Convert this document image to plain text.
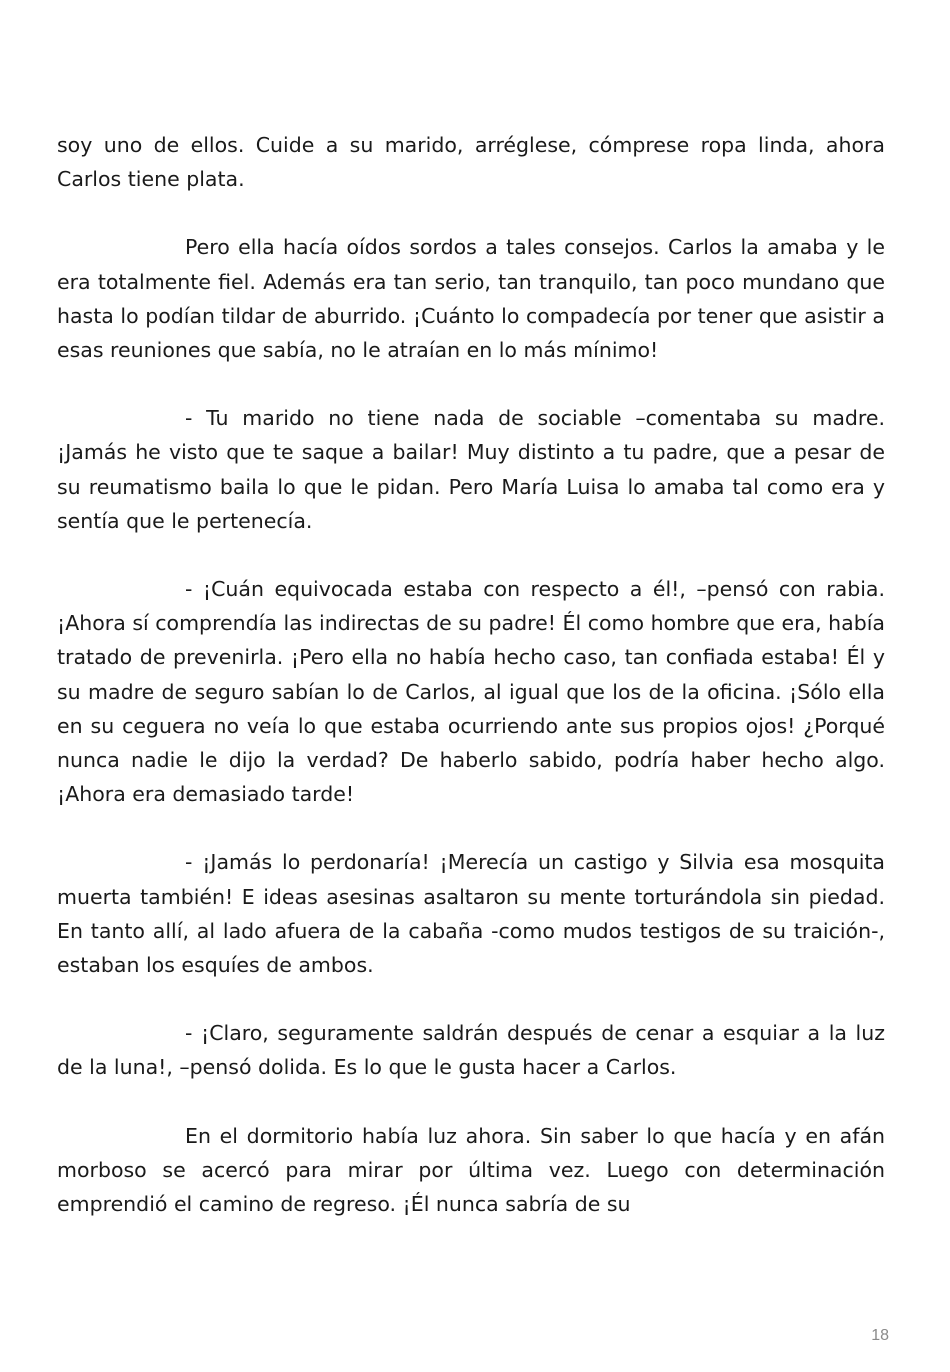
soy uno de ellos. Cuide a su marido, arréglese, cómprese ropa linda, ahora Carlos tiene plata.

Pero ella hacía oídos sordos a tales consejos. Carlos la amaba y le era totalmente fiel. Además era tan serio, tan tranquilo, tan poco mundano que hasta lo podían tildar de aburrido. ¡Cuánto lo compadecía por tener que asistir a esas reuniones que sabía, no le atraían en lo más mínimo!

- Tu marido no tiene nada de sociable –comentaba su madre. ¡Jamás he visto que te saque a bailar! Muy distinto a tu padre, que a pesar de su reumatismo baila lo que le pidan. Pero María Luisa lo amaba tal como era y sentía que le pertenecía.

- ¡Cuán equivocada estaba con respecto a él!, –pensó con rabia. ¡Ahora sí comprendía las indirectas de su padre! Él como hombre que era, había tratado de prevenirla. ¡Pero ella no había hecho caso, tan confiada estaba! Él y su madre de seguro sabían lo de Carlos, al igual que los de la oficina. ¡Sólo ella en su ceguera no veía lo que estaba ocurriendo ante sus propios ojos! ¿Porqué nunca nadie le dijo la verdad? De haberlo sabido, podría haber hecho algo. ¡Ahora era demasiado tarde!

- ¡Jamás lo perdonaría! ¡Merecía un castigo y Silvia esa mosquita muerta también! E ideas asesinas asaltaron su mente torturándola sin piedad. En tanto allí, al lado afuera de la cabaña -como mudos testigos de su traición-, estaban los esquíes de ambos.

- ¡Claro, seguramente saldrán después de cenar a esquiar a la luz de la luna!, –pensó dolida. Es lo que le gusta hacer a Carlos.

En el dormitorio había luz ahora. Sin saber lo que hacía y en afán morboso se acercó para mirar por última vez. Luego con determinación emprendió el camino de regreso. ¡Él nunca sabría de su

18
